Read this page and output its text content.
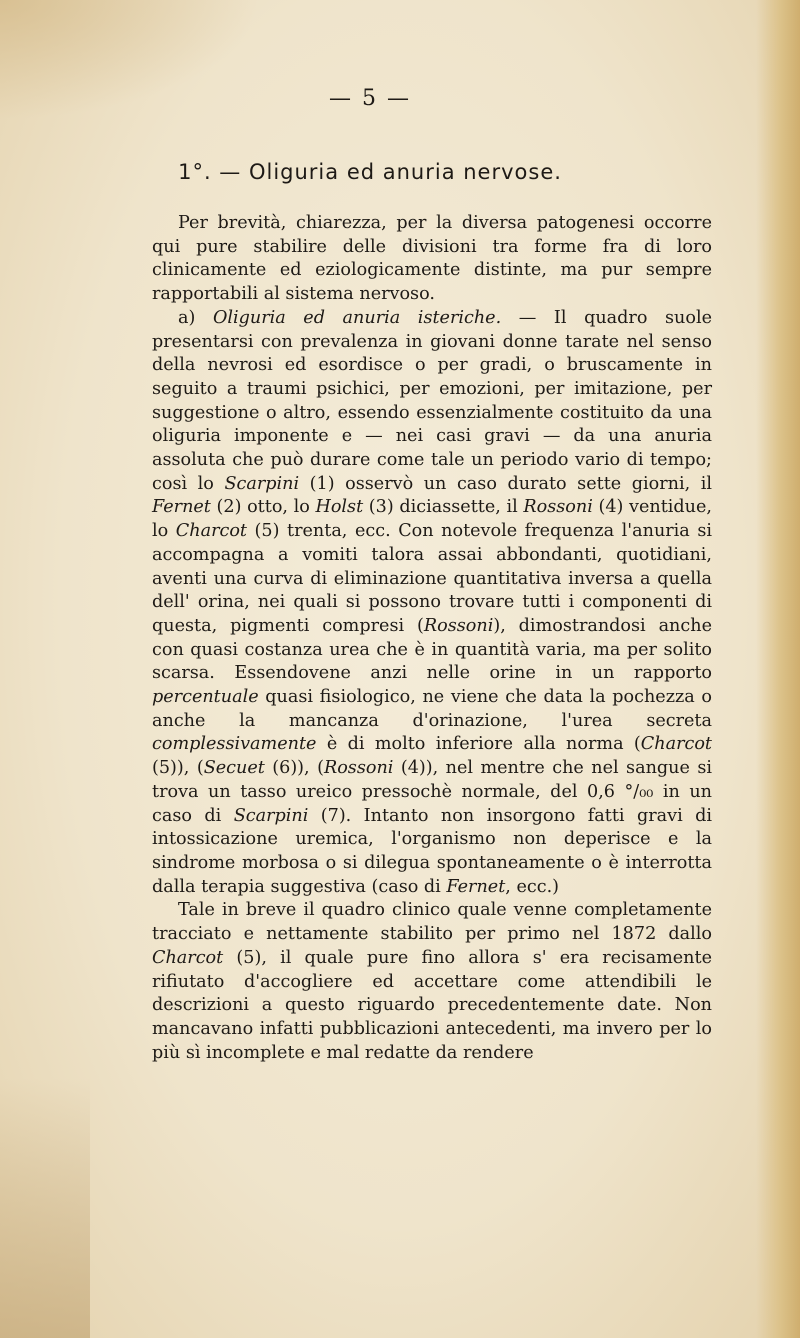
— 5 —
1°. — Oliguria ed anuria nervose.

Per brevità, chiarezza, per la diversa patogenesi occorre qui pure stabilire delle divisioni tra forme fra di loro clinicamente ed eziologicamente distinte, ma pur sempre rapportabili al sistema nervoso.

a) Oliguria ed anuria isteriche. — Il quadro suole presentarsi con prevalenza in giovani donne tarate nel senso della nevrosi ed esordisce o per gradi, o bruscamente in seguito a traumi psichici, per emozioni, per imitazione, per suggestione o altro, essendo essenzialmente costituito da una oliguria imponente e — nei casi gravi — da una anuria assoluta che può durare come tale un periodo vario di tempo; così lo Scarpini (1) osservò un caso durato sette giorni, il Fernet (2) otto, lo Holst (3) diciassette, il Rossoni (4) ventidue, lo Charcot (5) trenta, ecc. Con notevole frequenza l'anuria si accompagna a vomiti talora assai abbondanti, quotidiani, aventi una curva di eliminazione quantitativa inversa a quella dell' orina, nei quali si possono trovare tutti i componenti di questa, pigmenti compresi (Rossoni), dimostrandosi anche con quasi costanza urea che è in quantità varia, ma per solito scarsa. Essendovene anzi nelle orine in un rapporto percentuale quasi fisiologico, ne viene che data la pochezza o anche la mancanza d'orinazione, l'urea secreta complessivamente è di molto inferiore alla norma (Charcot (5)), (Secuet (6)), (Rossoni (4)), nel mentre che nel sangue si trova un tasso ureico pressochè normale, del 0,6 °/₀₀ in un caso di Scarpini (7). Intanto non insorgono fatti gravi di intossicazione uremica, l'organismo non deperisce e la sindrome morbosa o si dilegua spontaneamente o è interrotta dalla terapia suggestiva (caso di Fernet, ecc.)

Tale in breve il quadro clinico quale venne completamente tracciato e nettamente stabilito per primo nel 1872 dallo Charcot (5), il quale pure fino allora s' era recisamente rifiutato d'accogliere ed accettare come attendibili le descrizioni a questo riguardo precedentemente date. Non mancavano infatti pubblicazioni antecedenti, ma invero per lo più sì incomplete e mal redatte da rendere
